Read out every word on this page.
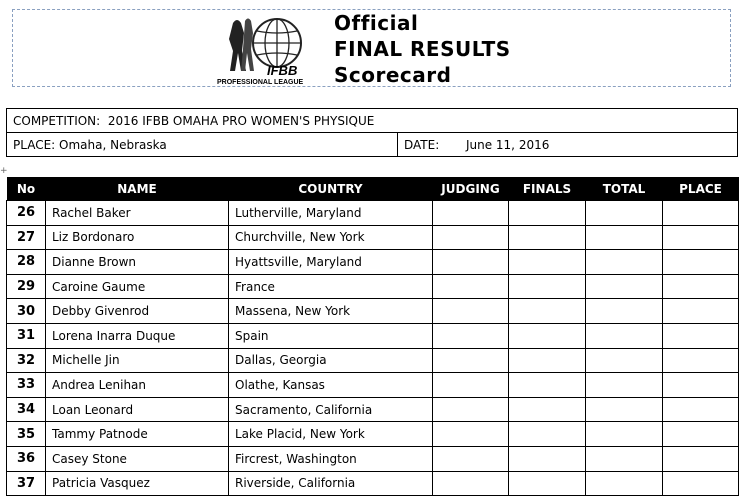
IFBB
PROFESSIONAL LEAGUE
Official
FINAL RESULTS
Scorecard
COMPETITION: 2016 IFBB OMAHA PRO WOMEN'S PHYSIQUE
PLACE: Omaha, Nebraska	DATE: June 11, 2016
+
No	NAME	COUNTRY	JUDGING	FINALS	TOTAL	PLACE
26	Rachel Baker	Lutherville, Maryland				
27	Liz Bordonaro	Churchville, New York				
28	Dianne Brown	Hyattsville, Maryland				
29	Caroine Gaume	France				
30	Debby Givenrod	Massena, New York				
31	Lorena Inarra Duque	Spain				
32	Michelle Jin	Dallas, Georgia				
33	Andrea Lenihan	Olathe, Kansas				
34	Loan Leonard	Sacramento, California				
35	Tammy Patnode	Lake Placid, New York				
36	Casey Stone	Fircrest, Washington				
37	Patricia Vasquez	Riverside, California				
